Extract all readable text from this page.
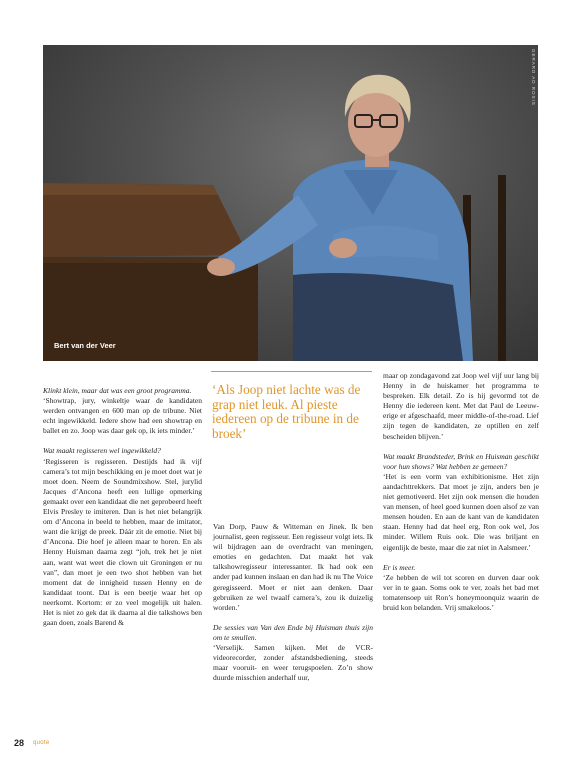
GERARD AD ROSIS
Bert van der Veer

Klinkt klein, maar dat was een groot programma.

‘Showtrap, jury, winkeltje waar de kandidaten werden ontvangen en 600 man op de tribune. Niet echt ingewikkeld. Iedere show had een showtrap en ballet en zo. Joop was daar gek op, ik iets minder.’

Wat maakt regisseren wel ingewikkeld?

‘Regisseren is regisseren. Destijds had ik vijf camera’s tot mijn beschikking en je moet doet wat je moet doen. Neem de Soundmixshow. Stel, jurylid Jacques d’Ancona heeft een lullige opmerking gemaakt over een kandidaat die net geprobeerd heeft Elvis Presley te imiteren. Dan is het niet belangrijk om d’Ancona in beeld te hebben, maar de imitator, want die krijgt de preek. Dáár zit de emotie. Niet bij d’Ancona. Die hoef je alleen maar te horen. En als Henny Huisman daarna zegt “joh, trek het je niet aan, want wat weet die clown uit Groningen er nu van”, dan moet je een two shot hebben van het moment dat de innigheid tussen Henny en de kandidaat toont. Dat is een beetje waar het op neerkomt. Kortom: er zo veel mogelijk uit halen. Het is niet zo gek dat ik daarna al die talkshows ben gaan doen, zoals Barend &

‘Als Joop niet lachte was de grap niet leuk. Al pieste iedereen op de tribune in de broek’

Van Dorp, Pauw & Witteman en Jinek. Ik ben journalist, geen regisseur. Een regisseur volgt iets. Ik wil bijdragen aan de overdracht van meningen, emoties en gedachten. Dat maakt het vak talkshowregisseur interessanter. Ik had ook een ander pad kunnen inslaan en dan had ik nu The Voice geregisseerd. Moet er niet aan denken. Daar gebruiken ze wel twaalf camera’s, zou ik duizelig worden.’

De sessies van Van den Ende bij Huisman thuis zijn om te smullen.

‘Verselijk. Samen kijken. Met de VCR-videorecorder, zonder afstandsbediening, steeds maar vooruit- en weer terugspoelen. Zo’n show duurde misschien anderhalf uur,

maar op zondagavond zat Joop wel vijf uur lang bij Henny in de huiskamer het programma te bespreken. Elk detail. Zo is hij gevormd tot de Henny die iedereen kent. Met dat Paul de Leeuw-erige er afgeschaafd, meer middle-of-the-road. Lief zijn tegen de kandidaten, ze optillen en zelf bescheiden blijven.’

Wat maakt Brandsteder, Brink en Huisman geschikt voor hun shows? Wat hebben ze gemeen?

‘Het is een vorm van exhibitionisme. Het zijn aandachttrekkers. Dat moet je zijn, anders ben je niet gemotiveerd. Het zijn ook mensen die houden van mensen, of heel goed kunnen doen alsof ze van mensen houden. En aan de kant van de kandidaten staan. Henny had dat heel erg, Ron ook wel, Jos minder. Willem Ruis ook. Die was briljant en eigenlijk de beste, maar die zat niet in Aalsmeer.’

Er is meer.

‘Ze hebben de wil tot scoren en durven daar ook ver in te gaan. Soms ook te ver, zoals het bad met tomatensoep uit Ron’s honeymoonquiz waarin de bruid kon belanden. Vrij smakeloos.’

28 quote
